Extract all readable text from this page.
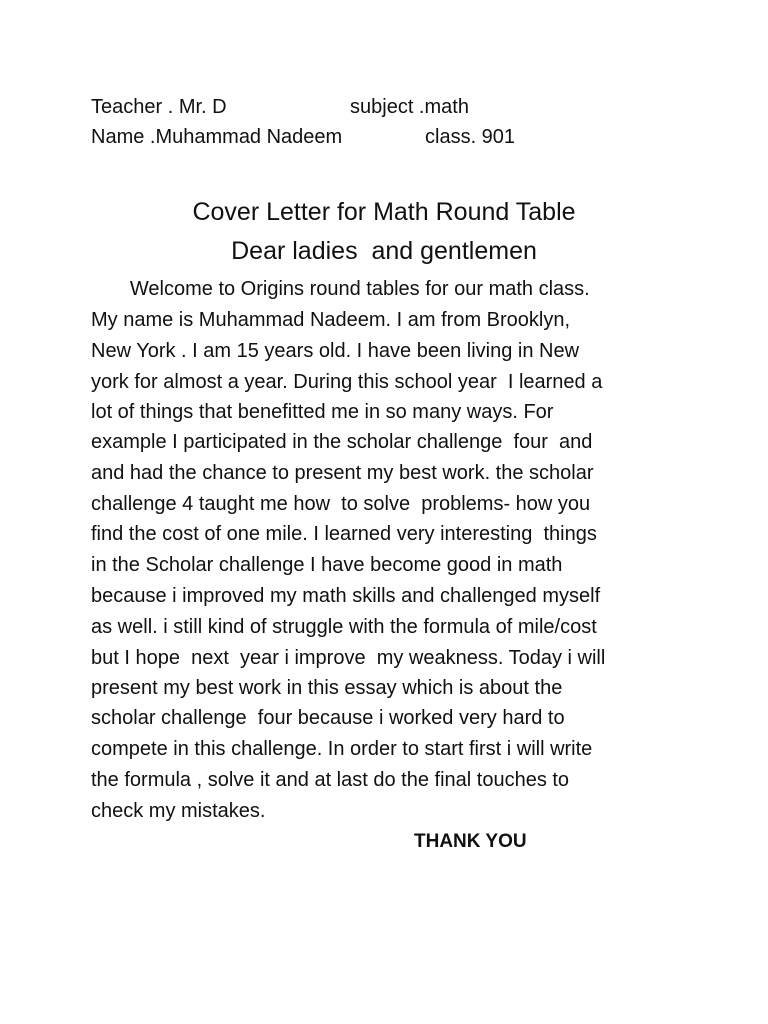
Teacher . Mr. D

	subject .math

Name .Muhammad Nadeem

	class. 901

Cover Letter for Math Round Table
Dear ladies  and gentlemen
Welcome to Origins round tables for our math class.
My name is Muhammad Nadeem. I am from Brooklyn,
New York . I am 15 years old. I have been living in New
york for almost a year. During this school year  I learned a
lot of things that benefitted me in so many ways. For
example I participated in the scholar challenge  four  and
and had the chance to present my best work. the scholar
challenge 4 taught me how  to solve  problems- how you
find the cost of one mile. I learned very interesting  things
in the Scholar challenge I have become good in math
because i improved my math skills and challenged myself
as well. i still kind of struggle with the formula of mile/cost
but I hope  next  year i improve  my weakness. Today i will
present my best work in this essay which is about the
scholar challenge  four because i worked very hard to
compete in this challenge. In order to start first i will write
the formula , solve it and at last do the final touches to
check my mistakes.
THANK YOU
